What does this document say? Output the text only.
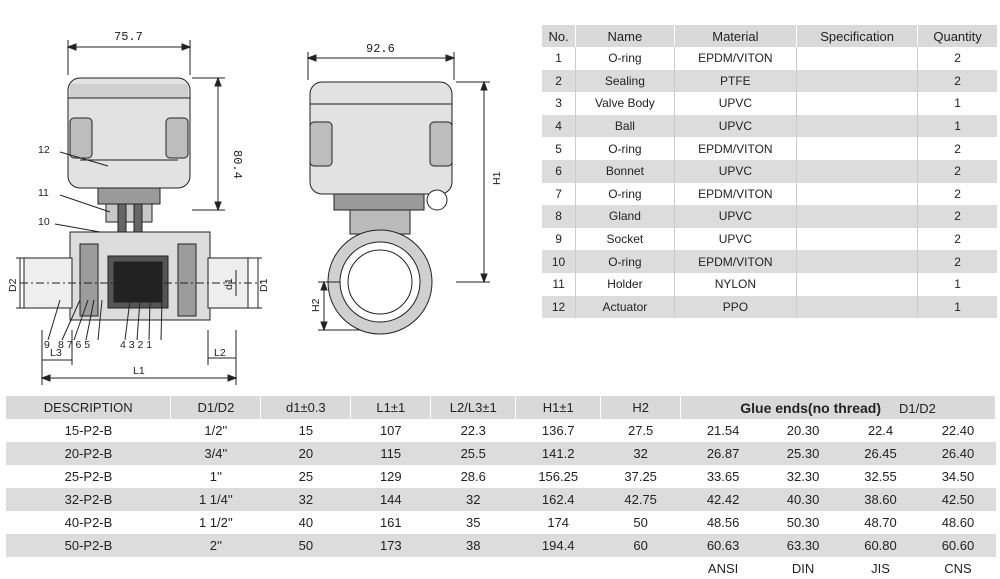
75.7
80.4
92.6
H1
H2
d1 D1
D2
L1
L2
L3
12
11
10
9 8 7 6 5	4 3 2 1
No.	Name	Material	Specification	Quantity
1	O-ring	EPDM/VITON		2
2	Sealing	PTFE		2
3	Valve Body	UPVC		1
4	Ball	UPVC		1
5	O-ring	EPDM/VITON		2
6	Bonnet	UPVC		2
7	O-ring	EPDM/VITON		2
8	Gland	UPVC		2
9	Socket	UPVC		2
10	O-ring	EPDM/VITON		2
11	Holder	NYLON		1
12	Actuator	PPO		1
DESCRIPTION	D1/D2	d1±0.3	L1±1	L2/L3±1	H1±1	H2	Glue ends(no thread) D1/D2			
15-P2-B	1/2''	15	107	22.3	136.7	27.5	21.54	20.30	22.4	22.40
20-P2-B	3/4''	20	115	25.5	141.2	32	26.87	25.30	26.45	26.40
25-P2-B	1''	25	129	28.6	156.25	37.25	33.65	32.30	32.55	34.50
32-P2-B	1 1/4''	32	144	32	162.4	42.75	42.42	40.30	38.60	42.50
40-P2-B	1 1/2''	40	161	35	174	50	48.56	50.30	48.70	48.60
50-P2-B	2''	50	173	38	194.4	60	60.63	63.30	60.80	60.60
							ANSI	DIN	JIS	CNS
